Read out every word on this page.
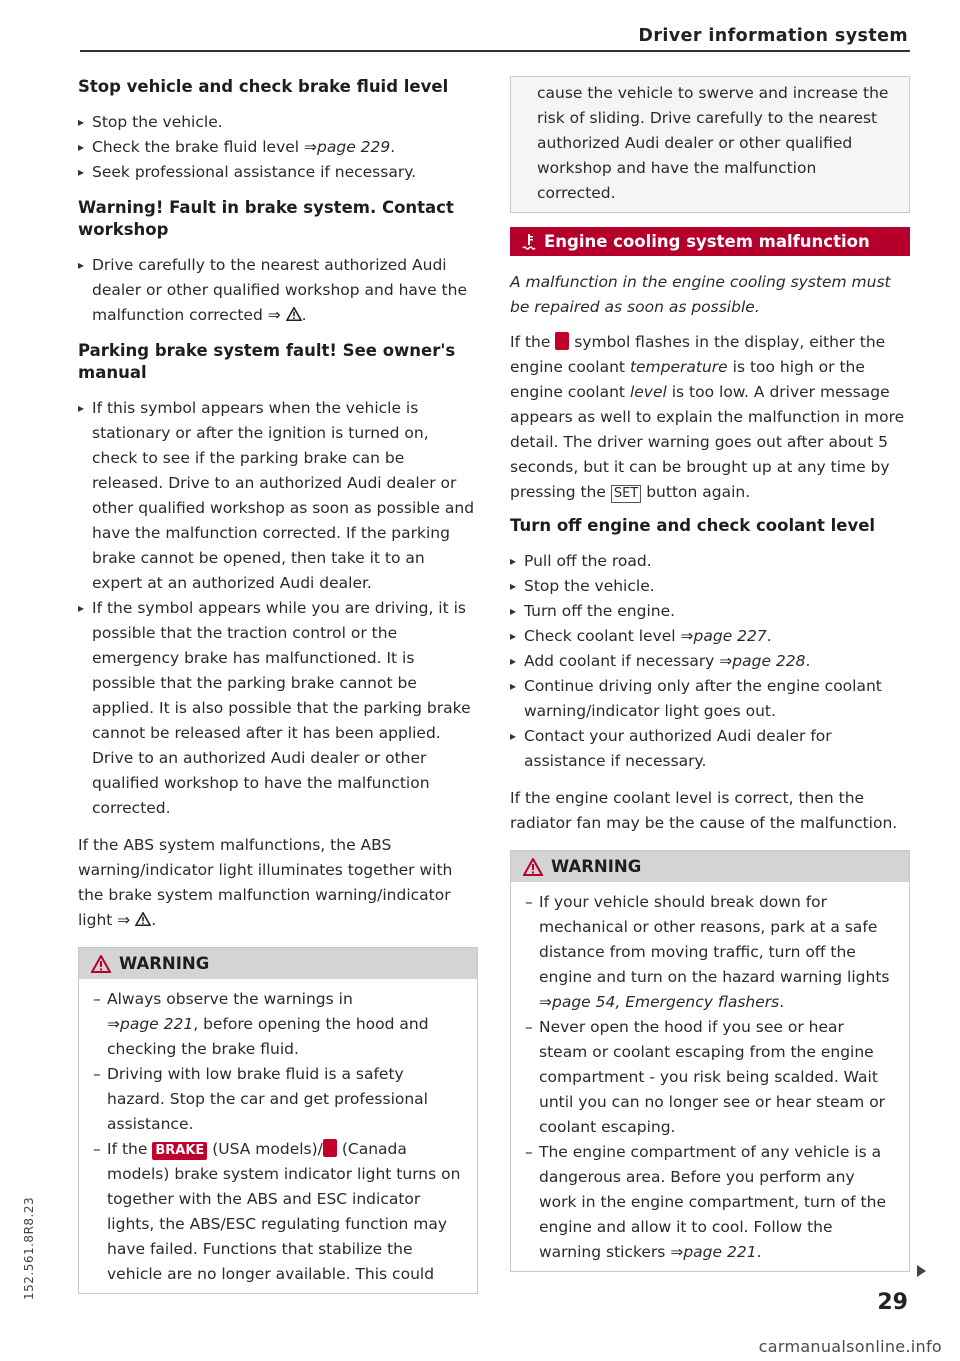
Driver information system
Stop vehicle and check brake fluid level
▸ Stop the vehicle.
▸ Check the brake fluid level ⇒ page 229.
▸ Seek professional assistance if necessary.
Warning! Fault in brake system. Contact workshop
▸ Drive carefully to the nearest authorized Audi dealer or other qualified workshop and have the malfunction corrected ⇒ .
Parking brake system fault! See owner's manual
▸ If this symbol appears when the vehicle is stationary or after the ignition is turned on, check to see if the parking brake can be released. Drive to an authorized Audi dealer or other qualified workshop as soon as possible and have the malfunction corrected. If the parking brake cannot be opened, then take it to an expert at an authorized Audi dealer.
▸ If the symbol appears while you are driving, it is possible that the traction control or the emergency brake has malfunctioned. It is possible that the parking brake cannot be applied. It is also possible that the parking brake cannot be released after it has been applied. Drive to an authorized Audi dealer or other qualified workshop to have the malfunction corrected.

If the ABS system malfunctions, the ABS warning/indicator light illuminates together with the brake system malfunction warning/indicator light ⇒ .

WARNING
– Always observe the warnings in
⇒ page 221, before opening the hood and checking the brake fluid.
– Driving with low brake fluid is a safety hazard. Stop the car and get professional assistance.
– If the BRAKE (USA models)/ (Canada models) brake system indicator light turns on together with the ABS and ESC indicator lights, the ABS/ESC regulating function may have failed. Functions that stabilize the vehicle are no longer available. This could
cause the vehicle to swerve and increase the risk of sliding. Drive carefully to the nearest authorized Audi dealer or other qualified workshop and have the malfunction corrected.
Engine cooling system malfunction

A malfunction in the engine cooling system must be repaired as soon as possible.

If the symbol flashes in the display, either the engine coolant temperature is too high or the engine coolant level is too low. A driver message appears as well to explain the malfunction in more detail. The driver warning goes out after about 5 seconds, but it can be brought up at any time by pressing the SET button again.

Turn off engine and check coolant level
▸ Pull off the road.
▸ Stop the vehicle.
▸ Turn off the engine.
▸ Check coolant level ⇒ page 227.
▸ Add coolant if necessary ⇒ page 228.
▸ Continue driving only after the engine coolant warning/indicator light goes out.
▸ Contact your authorized Audi dealer for assistance if necessary.

If the engine coolant level is correct, then the radiator fan may be the cause of the malfunction.

WARNING
– If your vehicle should break down for mechanical or other reasons, park at a safe distance from moving traffic, turn off the engine and turn on the hazard warning lights
⇒ page 54, Emergency flashers.
– Never open the hood if you see or hear steam or coolant escaping from the engine compartment - you risk being scalded. Wait until you can no longer see or hear steam or coolant escaping.
– The engine compartment of any vehicle is a dangerous area. Before you perform any work in the engine compartment, turn of the engine and allow it to cool. Follow the warning stickers ⇒ page 221.
29
152.561.8R8.23
carmanualsonline.info
